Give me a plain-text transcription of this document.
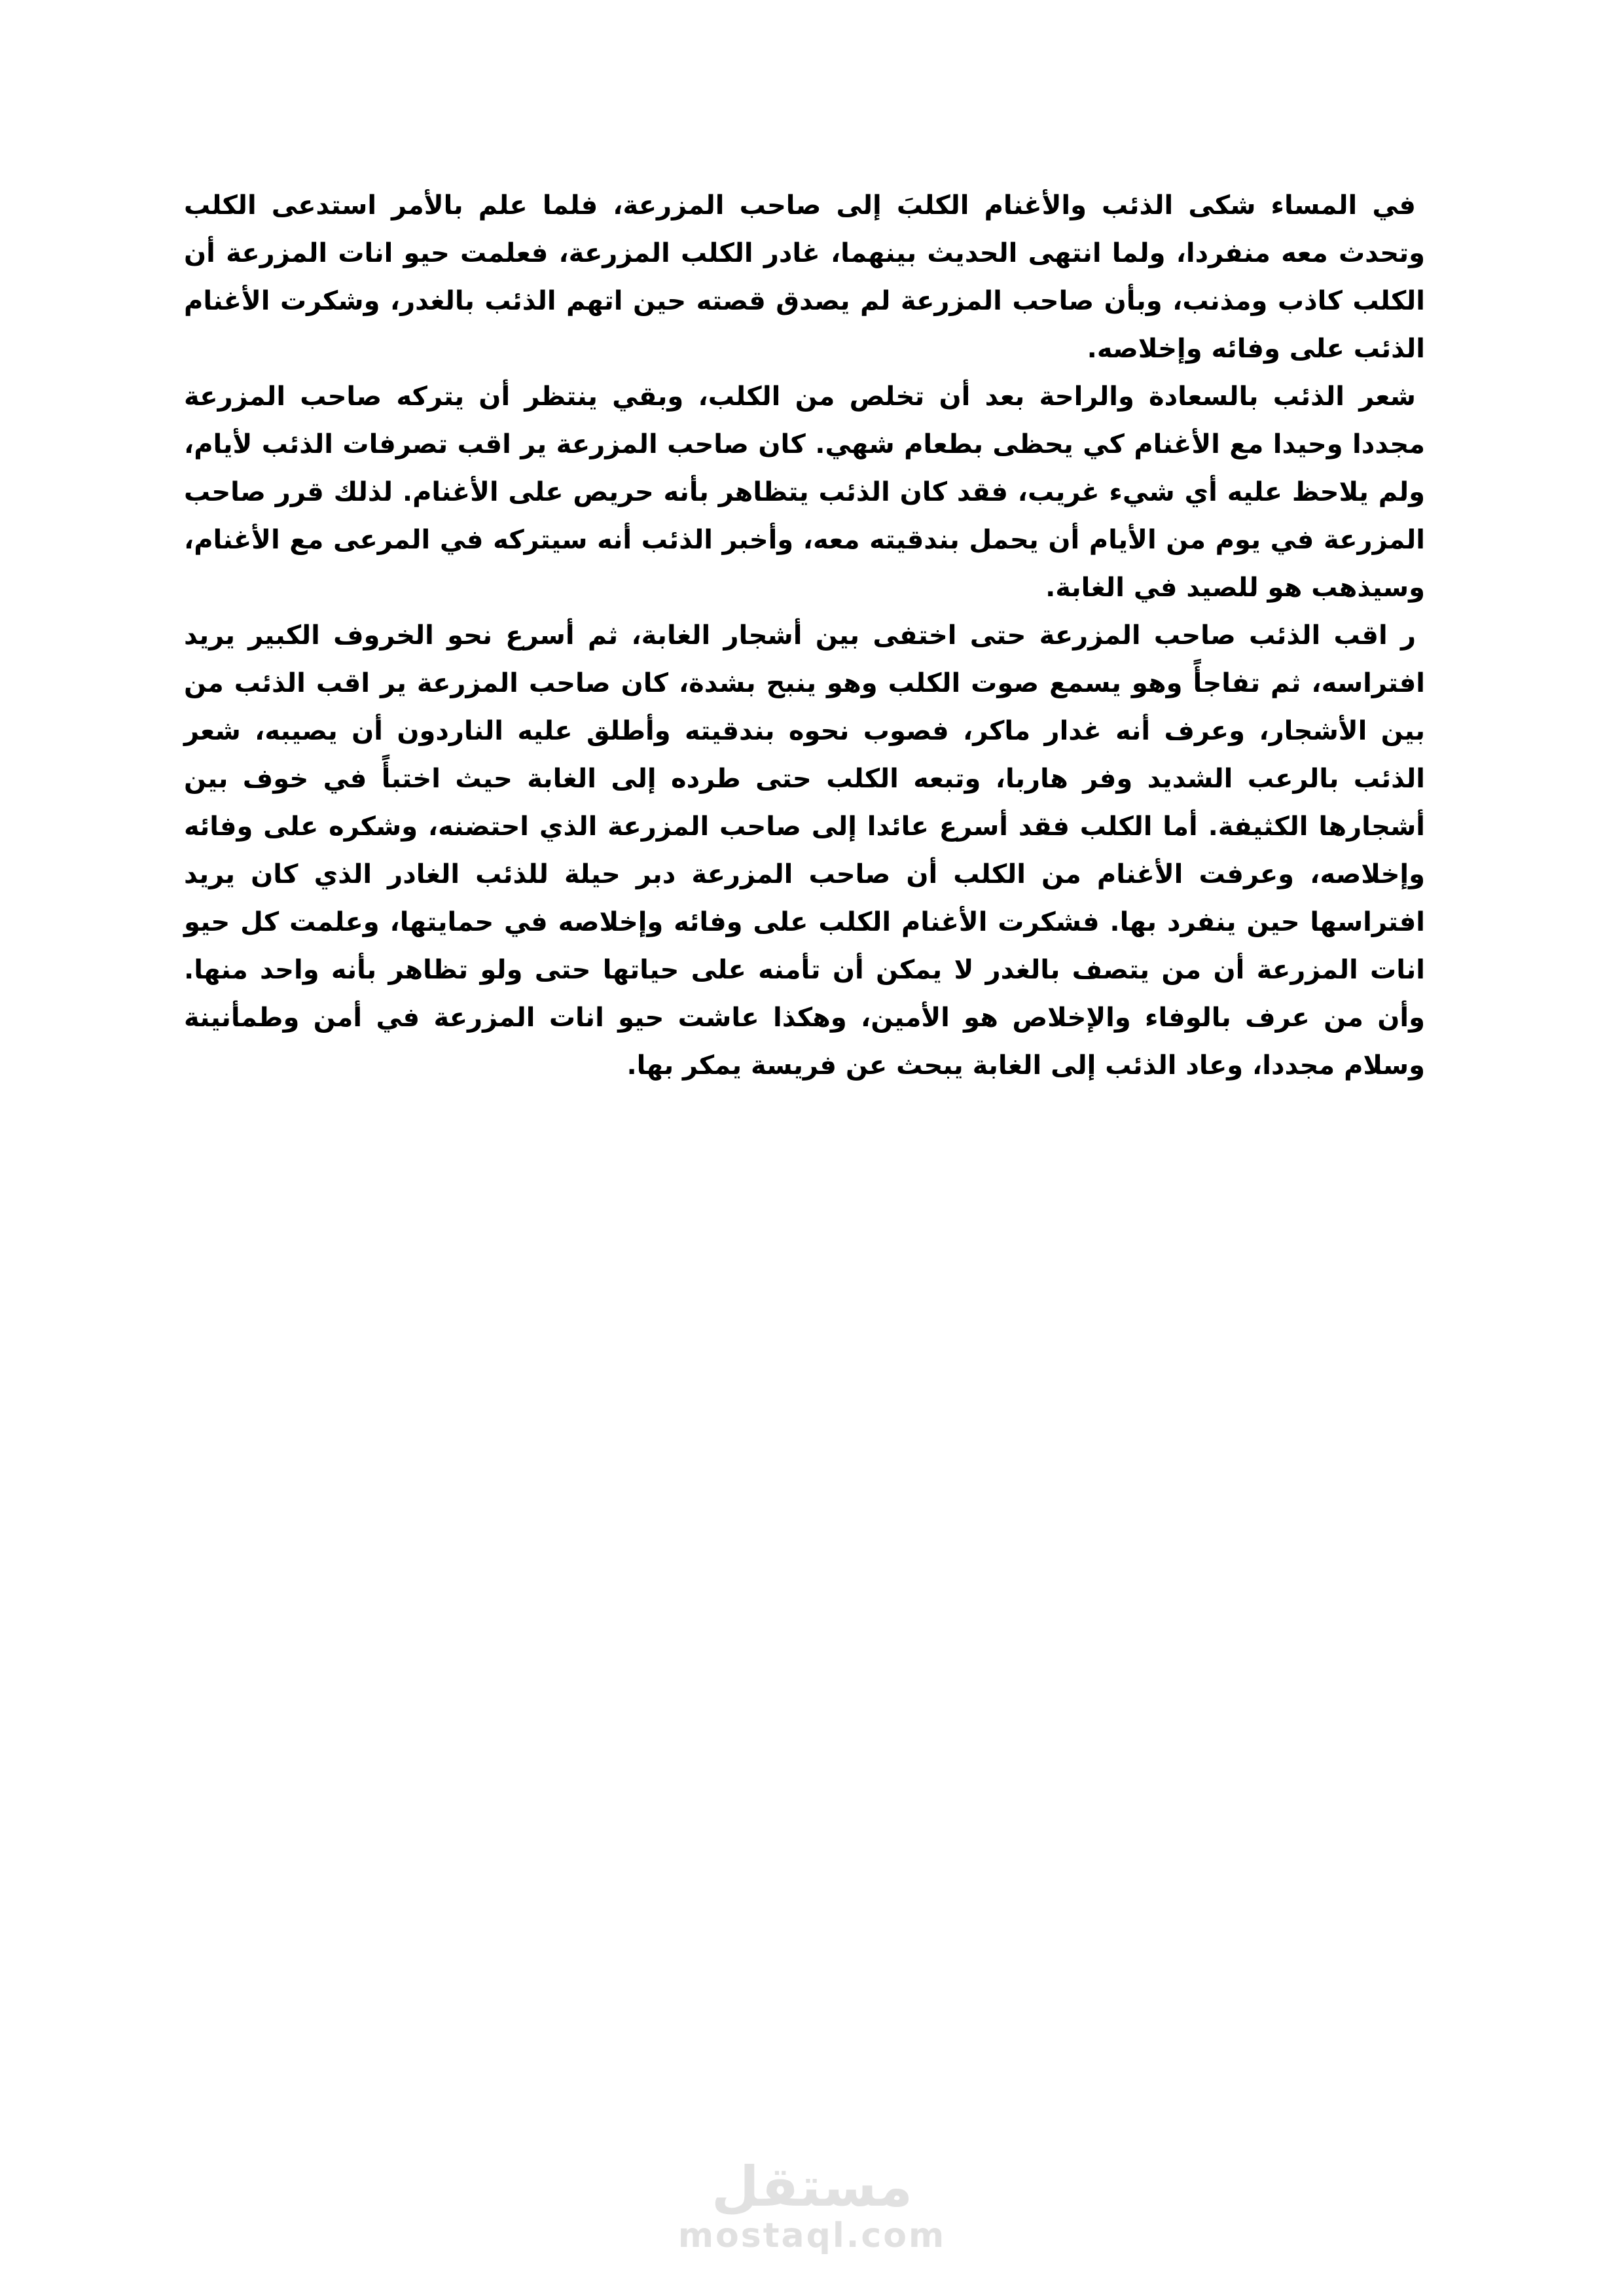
في المساء شكى الذئب والأغنام الكلبَ إلى صاحب المزرعة، فلما علم بالأمر استدعى الكلب وتحدث معه منفردا، ولما انتهى الحديث بينهما، غادر الكلب المزرعة، فعلمت حيو انات المزرعة أن الكلب كاذب ومذنب، وبأن صاحب المزرعة لم يصدق قصته حين اتهم الذئب بالغدر، وشكرت الأغنام الذئب على وفائه وإخلاصه.

شعر الذئب بالسعادة والراحة بعد أن تخلص من الكلب، وبقي ينتظر أن يتركه صاحب المزرعة مجددا وحيدا مع الأغنام كي يحظى بطعام شهي. كان صاحب المزرعة ير اقب تصرفات الذئب لأيام، ولم يلاحظ عليه أي شيء غريب، فقد كان الذئب يتظاهر بأنه حريص على الأغنام. لذلك قرر صاحب المزرعة في يوم من الأيام أن يحمل بندقيته معه، وأخبر الذئب أنه سيتركه في المرعى مع الأغنام، وسيذهب هو للصيد في الغابة.

ر اقب الذئب صاحب المزرعة حتى اختفى بين أشجار الغابة، ثم أسرع نحو الخروف الكبير يريد افتراسه، ثم تفاجأً وهو يسمع صوت الكلب وهو ينبح بشدة، كان صاحب المزرعة ير اقب الذئب من بين الأشجار، وعرف أنه غدار ماكر، فصوب نحوه بندقيته وأطلق عليه الناردون أن يصيبه، شعر الذئب بالرعب الشديد وفر هاربا، وتبعه الكلب حتى طرده إلى الغابة حيث اختبأً في خوف بين أشجارها الكثيفة. أما الكلب فقد أسرع عائدا إلى صاحب المزرعة الذي احتضنه، وشكره على وفائه وإخلاصه، وعرفت الأغنام من الكلب أن صاحب المزرعة دبر حيلة للذئب الغادر الذي كان يريد افتراسها حين ينفرد بها. فشكرت الأغنام الكلب على وفائه وإخلاصه في حمايتها، وعلمت كل حيو انات المزرعة أن من يتصف بالغدر لا يمكن أن تأمنه على حياتها حتى ولو تظاهر بأنه واحد منها. وأن من عرف بالوفاء والإخلاص هو الأمين، وهكذا عاشت حيو انات المزرعة في أمن وطمأنينة وسلام مجددا، وعاد الذئب إلى الغابة يبحث عن فريسة يمكر بها.

مستقل
mostaql.com
